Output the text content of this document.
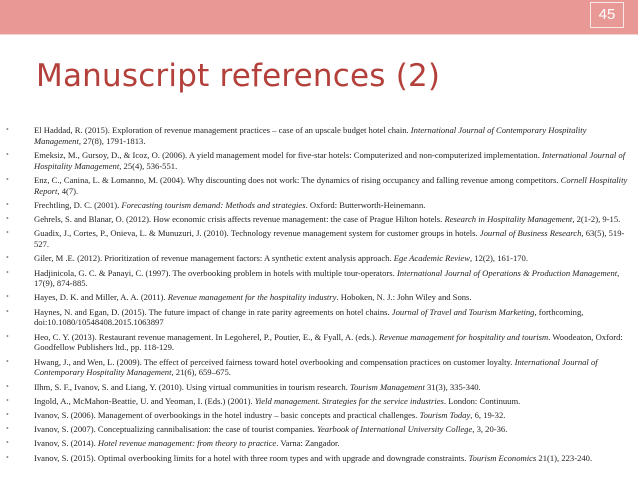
45
Manuscript references (2)
•	El Haddad, R. (2015). Exploration of revenue management practices – case of an upscale budget hotel chain. International Journal of Contemporary Hospitality Management, 27(8), 1791-1813.
•	Emeksiz, M., Gursoy, D., & Icoz, O. (2006). A yield management model for five-star hotels: Computerized and non-computerized implementation. International Journal of Hospitality Management, 25(4), 536-551.
•	Enz, C., Canina, L. & Lomanno, M. (2004). Why discounting does not work: The dynamics of rising occupancy and falling revenue among competitors. Cornell Hospitality Report, 4(7).
•	Frechtling, D. C. (2001). Forecasting tourism demand: Methods and strategies. Oxford: Butterworth-Heinemann.
•	Gehrels, S. and Blanar, O. (2012). How economic crisis affects revenue management: the case of Prague Hilton hotels. Research in Hospitality Management, 2(1-2), 9-15.
•	Guadix, J., Cortes, P., Onieva, L. & Munuzuri, J. (2010). Technology revenue management system for customer groups in hotels. Journal of Business Research, 63(5), 519-527.
•	Giler, M .E. (2012). Prioritization of revenue management factors: A synthetic extent analysis approach. Ege Academic Review, 12(2), 161-170.
•	Hadjinicola, G. C. & Panayi, C. (1997). The overbooking problem in hotels with multiple tour-operators. International Journal of Operations & Production Management, 17(9), 874-885.
•	Hayes, D. K. and Miller, A. A. (2011). Revenue management for the hospitality industry. Hoboken, N. J.: John Wiley and Sons.
•	Haynes, N. and Egan, D. (2015). The future impact of change in rate parity agreements on hotel chains. Journal of Travel and Tourism Marketing, forthcoming, doi:10.1080/10548408.2015.1063897
•	Heo, C. Y. (2013). Restaurant revenue management. In Legoherel, P., Poutier, E., & Fyall, A. (eds.). Revenue management for hospitality and tourism. Woodeaton, Oxford: Goodfellow Publishers ltd., pp. 118-129.
•	Hwang, J., and Wen, L. (2009). The effect of perceived fairness toward hotel overbooking and compensation practices on customer loyalty. International Journal of Contemporary Hospitality Management, 21(6), 659–675.
•	Ilhm, S. F., Ivanov, S. and Liang, Y. (2010). Using virtual communities in tourism research. Tourism Management 31(3), 335-340.
•	Ingold, A., McMahon-Beattie, U. and Yeoman, I. (Eds.) (2001). Yield management. Strategies for the service industries. London: Continuum.
•	Ivanov, S. (2006). Management of overbookings in the hotel industry – basic concepts and practical challenges. Tourism Today, 6, 19-32.
•	Ivanov, S. (2007). Conceptualizing cannibalisation: the case of tourist companies. Yearbook of International University College, 3, 20-36.
•	Ivanov, S. (2014). Hotel revenue management: from theory to practice. Varna: Zangador.
•	Ivanov, S. (2015). Optimal overbooking limits for a hotel with three room types and with upgrade and downgrade constraints. Tourism Economics 21(1), 223-240.
